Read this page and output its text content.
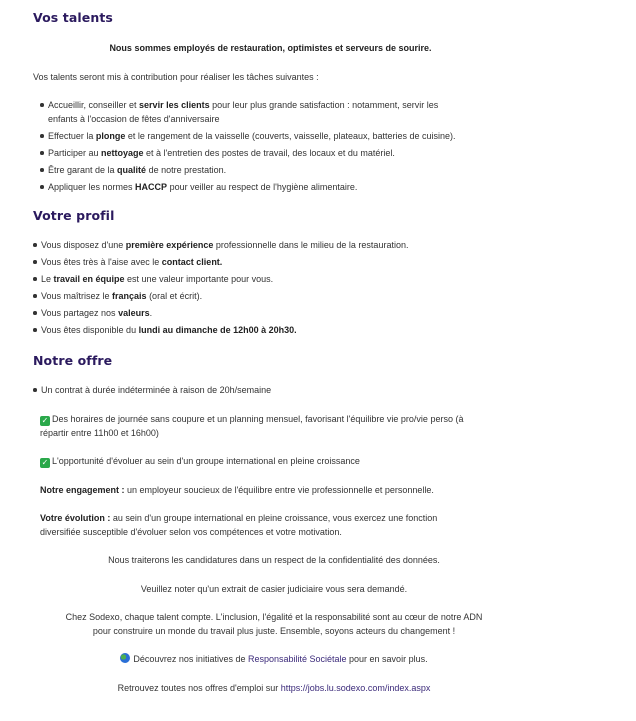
Vos talents

Nous sommes employés de restauration, optimistes et serveurs de sourire.

Vos talents seront mis à contribution pour réaliser les tâches suivantes :

Accueillir, conseiller et servir les clients pour leur plus grande satisfaction : notamment, servir les
enfants à l'occasion de fêtes d'anniversaire
Effectuer la plonge et le rangement de la vaisselle (couverts, vaisselle, plateaux, batteries de cuisine).
Participer au nettoyage et à l'entretien des postes de travail, des locaux et du matériel.
Être garant de la qualité de notre prestation.
Appliquer les normes HACCP pour veiller au respect de l'hygiène alimentaire.
Votre profil
Vous disposez d'une première expérience professionnelle dans le milieu de la restauration.
Vous êtes très à l'aise avec le contact client.
Le travail en équipe est une valeur importante pour vous.
Vous maîtrisez le français (oral et écrit).
Vous partagez nos valeurs.
Vous êtes disponible du lundi au dimanche de 12h00 à 20h30.
Notre offre
Un contrat à durée indéterminée à raison de 20h/semaine

✓ Des horaires de journée sans coupure et un planning mensuel, favorisant l'équilibre vie pro/vie perso (à
répartir entre 11h00 et 16h00)

✓ L'opportunité d'évoluer au sein d'un groupe international en pleine croissance

Notre engagement : un employeur soucieux de l'équilibre entre vie professionnelle et personnelle.

Votre évolution : au sein d'un groupe international en pleine croissance, vous exercez une fonction
diversifiée susceptible d'évoluer selon vos compétences et votre motivation.

Nous traiterons les candidatures dans un respect de la confidentialité des données.

Veuillez noter qu'un extrait de casier judiciaire vous sera demandé.

Chez Sodexo, chaque talent compte. L'inclusion, l'égalité et la responsabilité sont au cœur de notre ADN
pour construire un monde du travail plus juste. Ensemble, soyons acteurs du changement !

Découvrez nos initiatives de Responsabilité Sociétale pour en savoir plus.

Retrouvez toutes nos offres d'emploi sur https://jobs.lu.sodexo.com/index.aspx
